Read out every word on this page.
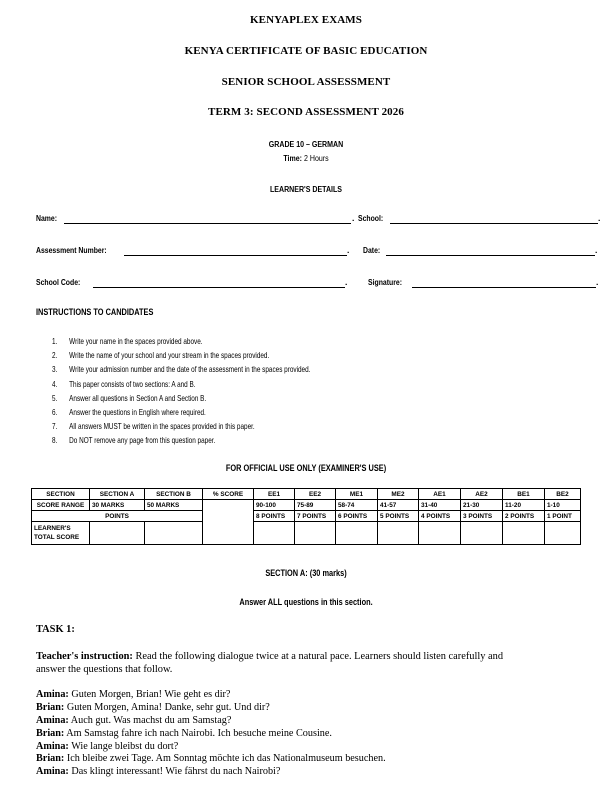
KENYAPLEX EXAMS
KENYA CERTIFICATE OF BASIC EDUCATION
SENIOR SCHOOL ASSESSMENT
TERM 3: SECOND ASSESSMENT 2026
GRADE 10 – GERMAN
Time: 2 Hours
LEARNER'S DETAILS
Name:	. School:	.
Assessment Number:	. Date:	.
School Code:	. Signature:	.
INSTRUCTIONS TO CANDIDATES
1. Write your name in the spaces provided above.
2. Write the name of your school and your stream in the spaces provided.
3. Write your admission number and the date of the assessment in the spaces provided.
4. This paper consists of two sections: A and B.
5. Answer all questions in Section A and Section B.
6. Answer the questions in English where required.
7. All answers MUST be written in the spaces provided in this paper.
8. Do NOT remove any page from this question paper.
FOR OFFICIAL USE ONLY (EXAMINER'S USE)
SECTION	SECTION A	SECTION B	% SCORE	EE1	EE2	ME1	ME2	AE1	AE2	BE1	BE2
SCORE RANGE	30 MARKS	50 MARKS		90-100	75-89	58-74	41-57	31-40	21-30	11-20	1-10
POINTS				8 POINTS	7 POINTS	6 POINTS	5 POINTS	4 POINTS	3 POINTS	2 POINTS	1 POINT

LEARNER'S
TOTAL SCORE											

SECTION A: (30 marks)
Answer ALL questions in this section.
TASK 1:
Teacher's instruction: Read the following dialogue twice at a natural pace. Learners should listen carefully and
answer the questions that follow.
Amina: Guten Morgen, Brian! Wie geht es dir?
Brian: Guten Morgen, Amina! Danke, sehr gut. Und dir?
Amina: Auch gut. Was machst du am Samstag?
Brian: Am Samstag fahre ich nach Nairobi. Ich besuche meine Cousine.
Amina: Wie lange bleibst du dort?
Brian: Ich bleibe zwei Tage. Am Sonntag möchte ich das Nationalmuseum besuchen.
Amina: Das klingt interessant! Wie fährst du nach Nairobi?
